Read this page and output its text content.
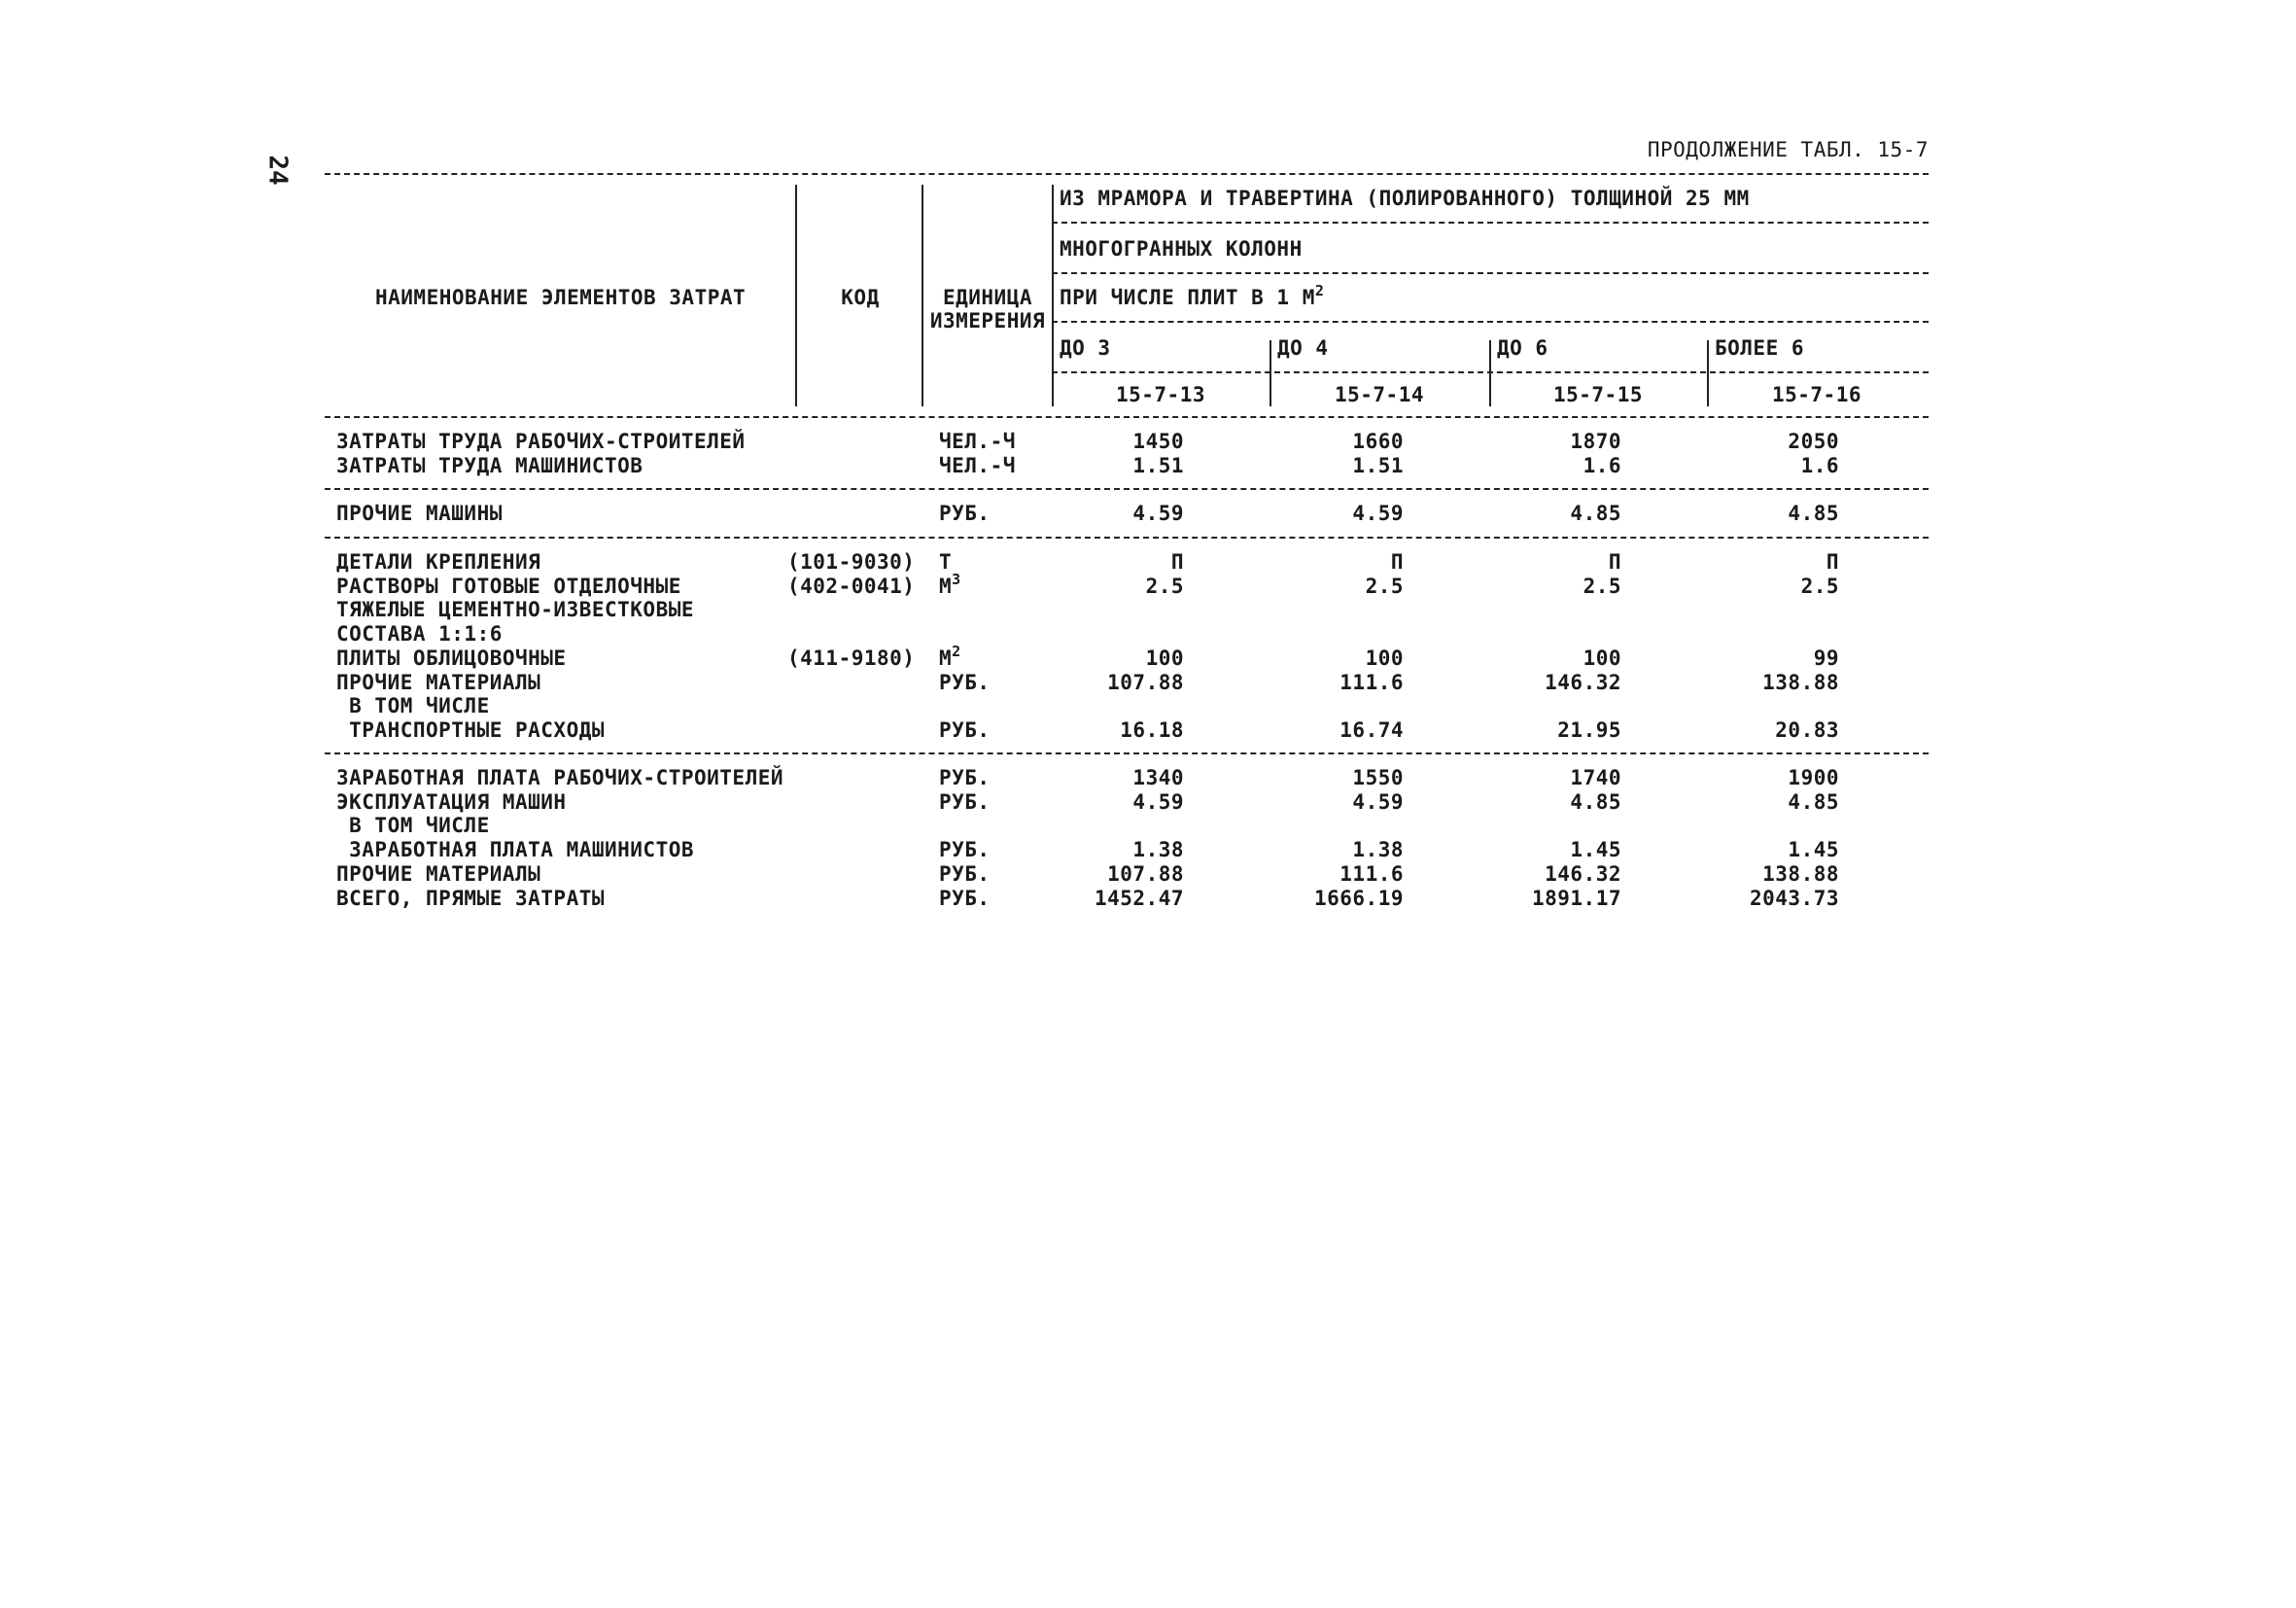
24
ПРОДОЛЖЕНИЕ ТАБЛ. 15-7
НАИМЕНОВАНИЕ ЭЛЕМЕНТОВ ЗАТРАТ	КОД	ЕДИНИЦА
ИЗМЕРЕНИЯ
ИЗ МРАМОРА И ТРАВЕРТИНА (ПОЛИРОВАННОГО) ТОЛЩИНОЙ 25 ММ
МНОГОГРАННЫХ КОЛОНН
ПРИ ЧИСЛЕ ПЛИТ В 1 $М^2$
ДО 3	ДО 4	ДО 6	БОЛЕЕ 6
15-7-13	15-7-14	15-7-15	15-7-16
ЗАТРАТЫ ТРУДА РАБОЧИХ-СТРОИТЕЛЕЙ	ЧЕЛ.-Ч	1450	1660	1870	2050
ЗАТРАТЫ ТРУДА МАШИНИСТОВ	ЧЕЛ.-Ч	1.51	1.51	1.6	1.6
ПРОЧИЕ МАШИНЫ	РУБ.	4.59	4.59	4.85	4.85
ДЕТАЛИ КРЕПЛЕНИЯ	(101-9030) Т	П	П	П	П
РАСТВОРЫ ГОТОВЫЕ ОТДЕЛОЧНЫЕ	(402-0041) $М^3$	2.5	2.5	2.5	2.5
ТЯЖЕЛЫЕ ЦЕМЕНТНО-ИЗВЕСТКОВЫЕ
СОСТАВА 1:1:6
ПЛИТЫ ОБЛИЦОВОЧНЫЕ	(411-9180) $М^2$	100	100	100	99
ПРОЧИЕ МАТЕРИАЛЫ	РУБ.	107.88	111.6	146.32	138.88
В ТОМ ЧИСЛЕ
ТРАНСПОРТНЫЕ РАСХОДЫ	РУБ.	16.18	16.74	21.95	20.83
ЗАРАБОТНАЯ ПЛАТА РАБОЧИХ-СТРОИТЕЛЕЙ	РУБ.	1340	1550	1740	1900
ЭКСПЛУАТАЦИЯ МАШИН	РУБ.	4.59	4.59	4.85	4.85
В ТОМ ЧИСЛЕ
ЗАРАБОТНАЯ ПЛАТА МАШИНИСТОВ	РУБ.	1.38	1.38	1.45	1.45
ПРОЧИЕ МАТЕРИАЛЫ	РУБ.	107.88	111.6	146.32	138.88
ВСЕГО, ПРЯМЫЕ ЗАТРАТЫ	РУБ.	1452.47	1666.19	1891.17	2043.73
